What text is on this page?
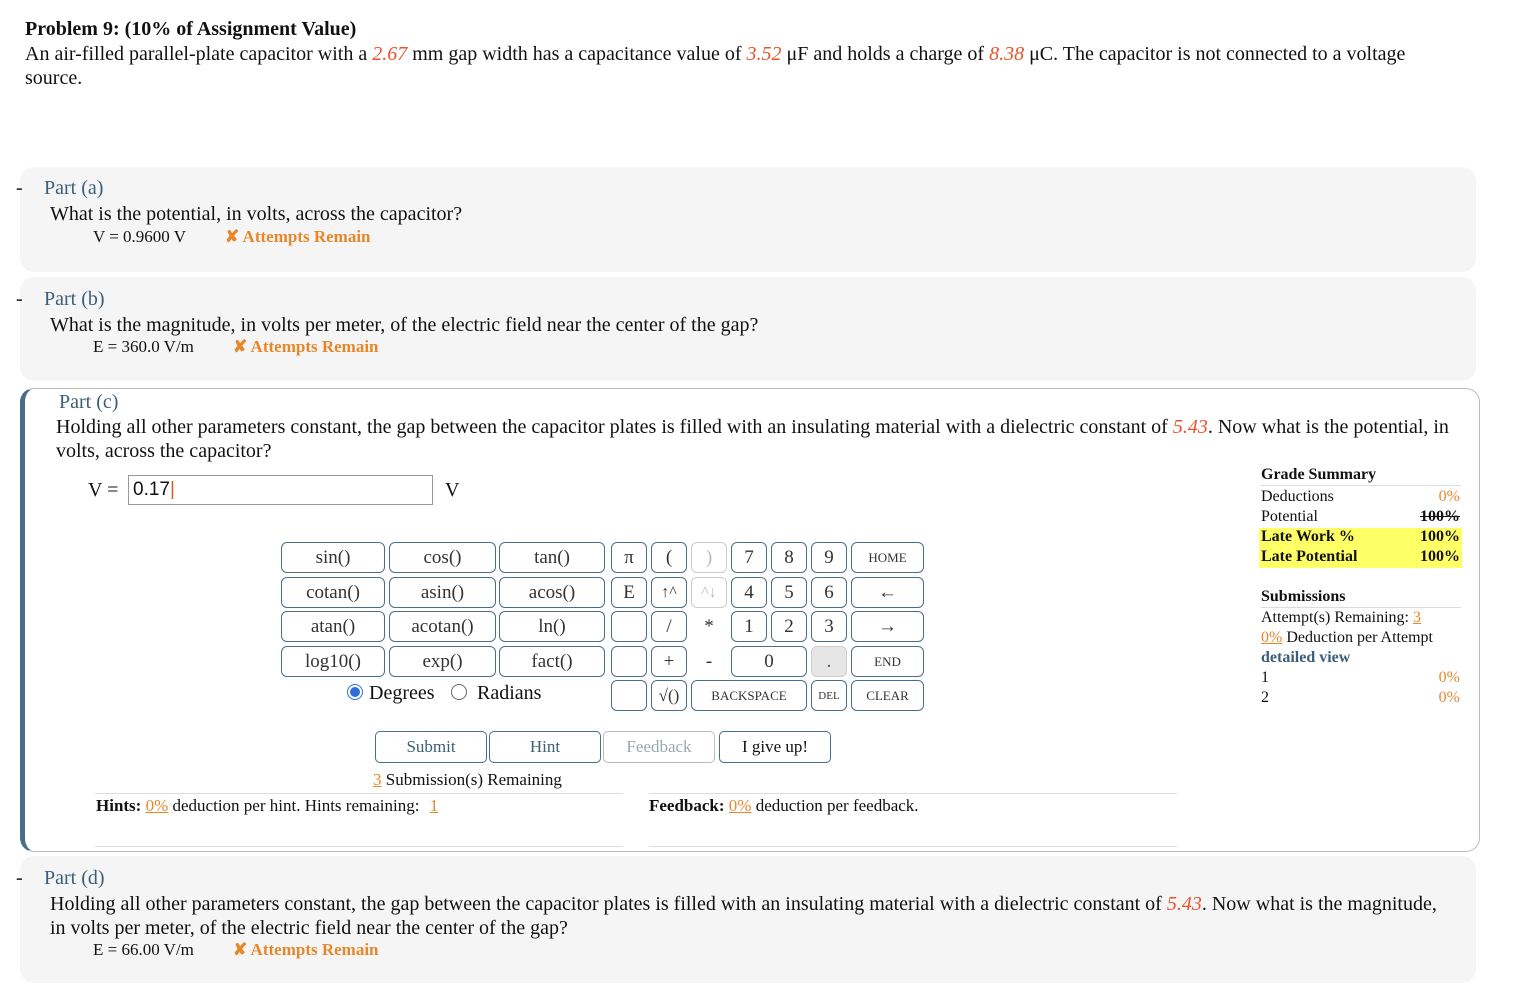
Problem 9: (10% of Assignment Value)
An air-filled parallel-plate capacitor with a 2.67 mm gap width has a capacitance value of 3.52 μF and holds a charge of 8.38 μC. The capacitor is not connected to a voltage source.
- Part (a)
What is the potential, in volts, across the capacitor?
V = 0.9600 V ✘ Attempts Remain
- Part (b)
What is the magnitude, in volts per meter, of the electric field near the center of the gap?
E = 360.0 V/m ✘ Attempts Remain
Part (c)
Holding all other parameters constant, the gap between the capacitor plates is filled with an insulating material with a dielectric constant of 5.43. Now what is the potential, in volts, across the capacitor?
V = 0.17|	V
sin()	cos()	tan()
cotan()	asin()	acos()
atan()	acotan()	ln()
log10()	exp()	fact()
Degrees Radians
π	(	)	7	8	9	HOME
E	↑^	^↓	4	5	6	←
/	*	1	2	3	→
+	-	0	.	END
√()	BACKSPACE	DEL	CLEAR
Submit	Hint	Feedback	I give up!
3 Submission(s) Remaining
Hints: 0% deduction per hint. Hints remaining: 1	Feedback: 0% deduction per feedback.
Grade Summary
Deductions	0%
Potential	100%
Late Work %	100%
Late Potential	100%
Submissions
Attempt(s) Remaining: 3
0% Deduction per Attempt
detailed view
1	0%
2	0%
- Part (d)
Holding all other parameters constant, the gap between the capacitor plates is filled with an insulating material with a dielectric constant of 5.43. Now what is the magnitude, in volts per meter, of the electric field near the center of the gap?
E = 66.00 V/m ✘ Attempts Remain
